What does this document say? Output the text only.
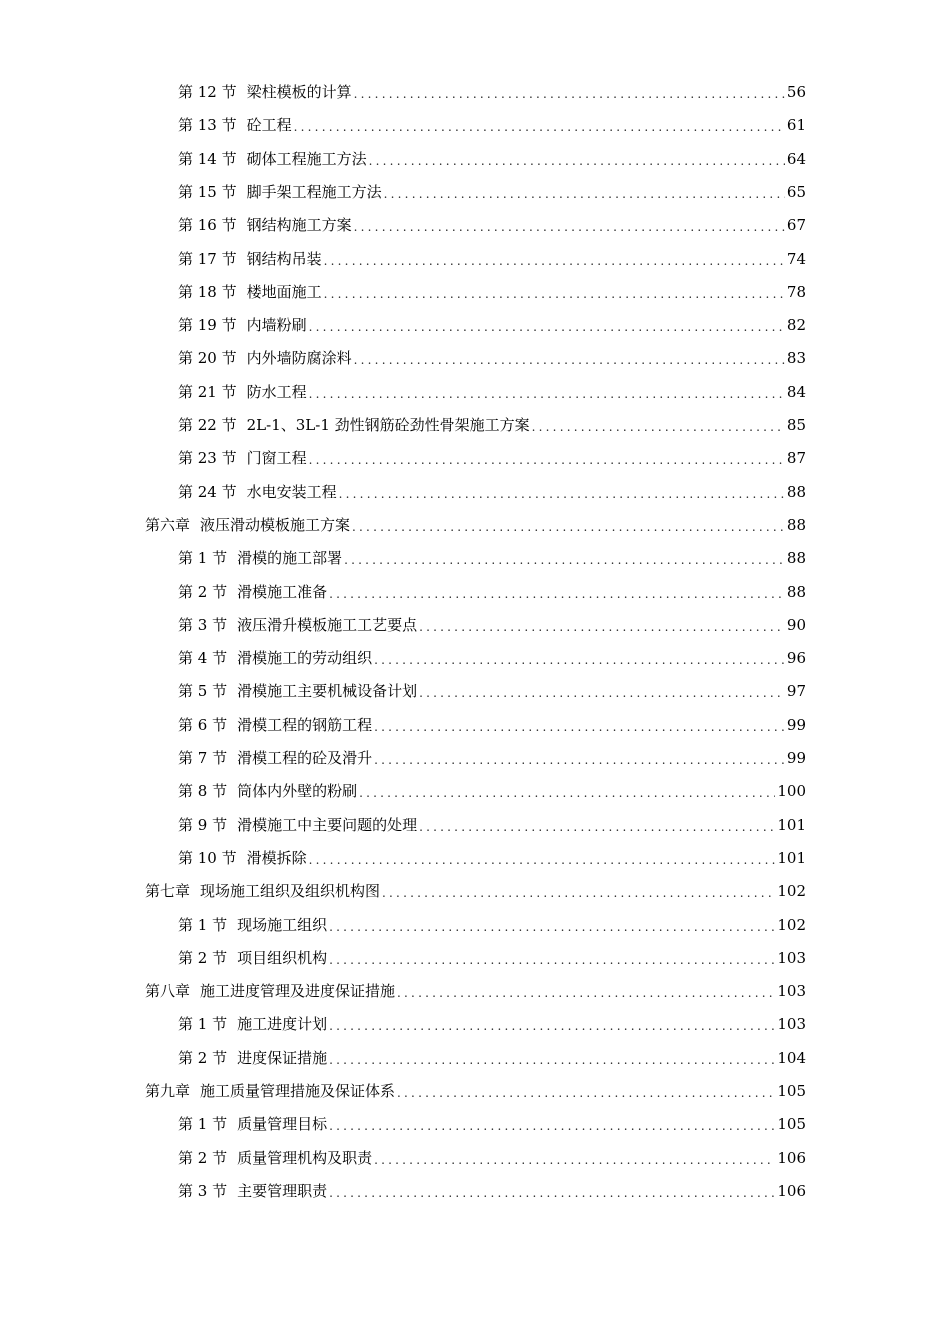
第 12 节 梁柱模板的计算 .....	56
第 13 节 砼工程 .....	61
第 14 节 砌体工程施工方法 .....	64
第 15 节 脚手架工程施工方法 .....	65
第 16 节 钢结构施工方案 .....	67
第 17 节 钢结构吊装 .....	74
第 18 节 楼地面施工 .....	78
第 19 节 内墙粉刷 .....	82
第 20 节 内外墙防腐涂料 .....	83
第 21 节 防水工程 .....	84
第 22 节 2L-1、3L-1 劲性钢筋砼劲性骨架施工方案 .....	85
第 23 节 门窗工程 .....	87
第 24 节 水电安装工程 .....	88
第六章 液压滑动模板施工方案 .....	88
第 1 节 滑模的施工部署 .....	88
第 2 节 滑模施工准备 .....	88
第 3 节 液压滑升模板施工工艺要点 .....	90
第 4 节 滑模施工的劳动组织 .....	96
第 5 节 滑模施工主要机械设备计划 .....	97
第 6 节 滑模工程的钢筋工程 .....	99
第 7 节 滑模工程的砼及滑升 .....	99
第 8 节 筒体内外壁的粉刷 .....	100
第 9 节 滑模施工中主要问题的处理 .....	101
第 10 节 滑模拆除 .....	101
第七章 现场施工组织及组织机构图 .....	102
第 1 节 现场施工组织 .....	102
第 2 节 项目组织机构 .....	103
第八章 施工进度管理及进度保证措施 .....	103
第 1 节 施工进度计划 .....	103
第 2 节 进度保证措施 .....	104
第九章 施工质量管理措施及保证体系 .....	105
第 1 节 质量管理目标 .....	105
第 2 节 质量管理机构及职责 .....	106
第 3 节 主要管理职责 .....	106
